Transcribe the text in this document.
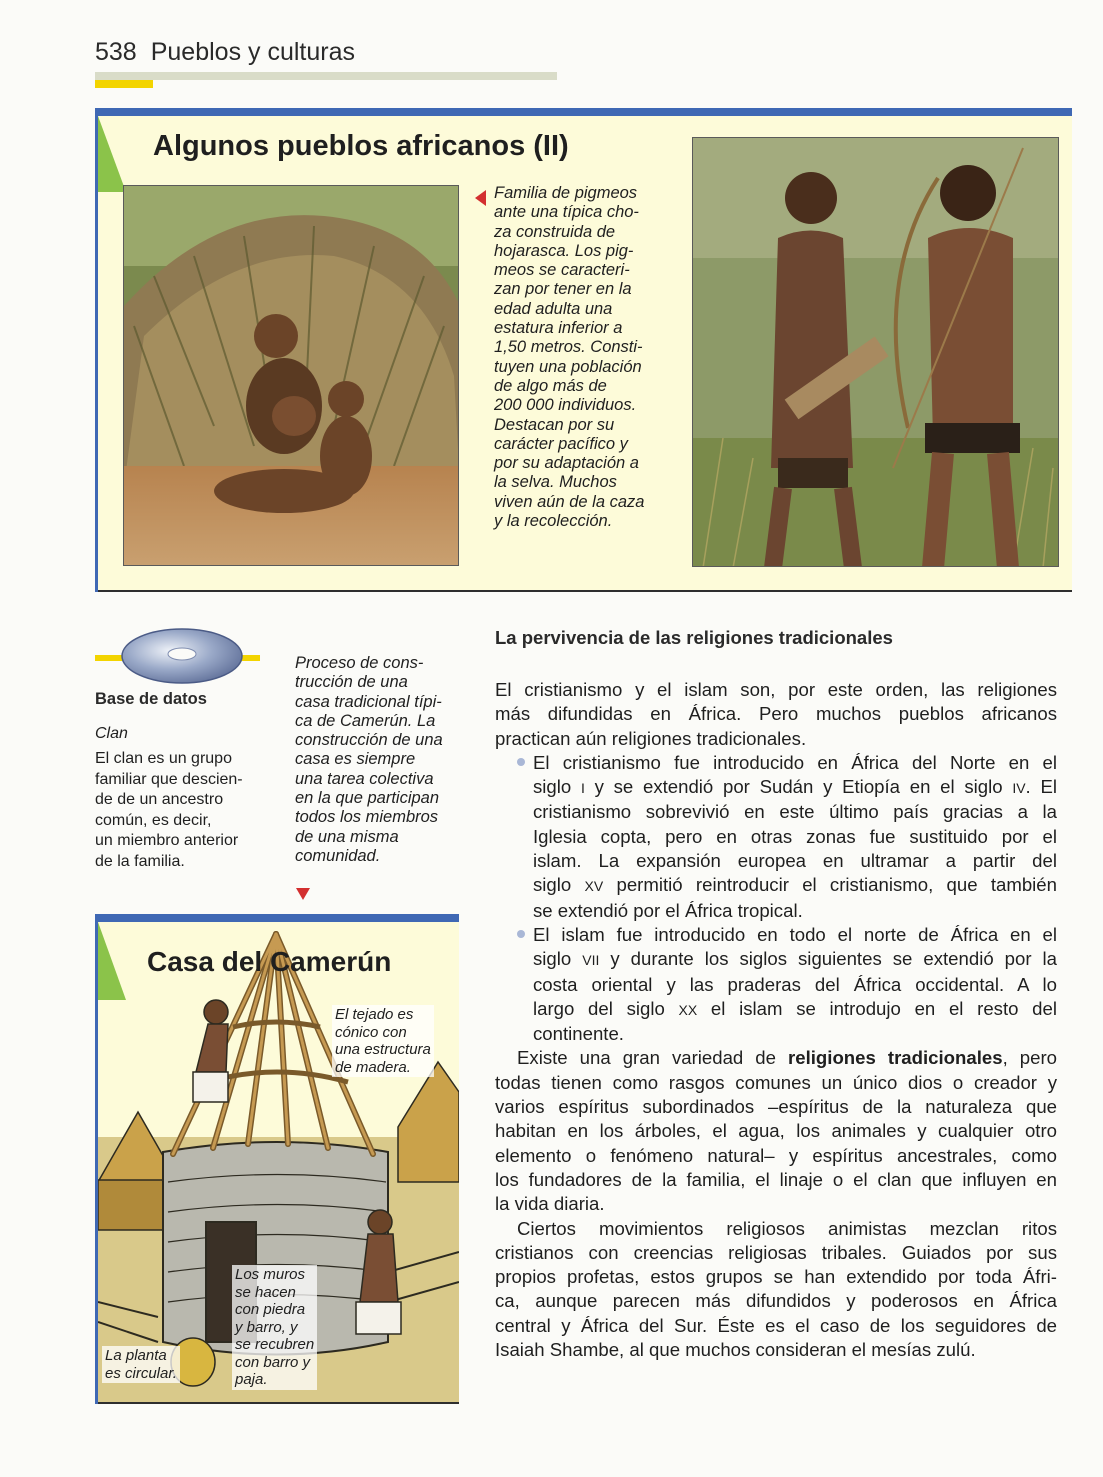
538 Pueblos y culturas
Algunos pueblos africanos (II)
Familia de pigmeos
ante una típica cho-
za construida de
hojarasca. Los pig-
meos se caracteri-
zan por tener en la
edad adulta una
estatura inferior a
1,50 metros. Consti-
tuyen una población
de algo más de
200 000 individuos.
Destacan por su
carácter pacífico y
por su adaptación a
la selva. Muchos
viven aún de la caza
y la recolección.
Base de datos
Clan
El clan es un grupo
familiar que descien-
de de un ancestro
común, es decir,
un miembro anterior
de la familia.
Proceso de cons-
trucción de una
casa tradicional típi-
ca de Camerún. La
construcción de una
casa es siempre
una tarea colectiva
en la que participan
todos los miembros
de una misma
comunidad.
Casa del Camerún
El tejado es
cónico con
una estructura
de madera.
Los muros
se hacen
con piedra
y barro, y
se recubren
con barro y
paja.
La planta
es circular.
La pervivencia de las religiones tradicionales
El cristianismo y el islam son, por este orden, las religiones
más difundidas en África. Pero muchos pueblos africanos
practican aún religiones tradicionales.
El cristianismo fue introducido en África del Norte en el
siglo I y se extendió por Sudán y Etiopía en el siglo IV. El
cristianismo sobrevivió en este último país gracias a la
Iglesia copta, pero en otras zonas fue sustituido por el
islam. La expansión europea en ultramar a partir del
siglo XV permitió reintroducir el cristianismo, que también
se extendió por el África tropical.
El islam fue introducido en todo el norte de África en el
siglo VII y durante los siglos siguientes se extendió por la
costa oriental y las praderas del África occidental. A lo
largo del siglo XX el islam se introdujo en el resto del
continente.
Existe una gran variedad de religiones tradicionales, pero
todas tienen como rasgos comunes un único dios o creador y
varios espíritus subordinados –espíritus de la naturaleza que
habitan en los árboles, el agua, los animales y cualquier otro
elemento o fenómeno natural– y espíritus ancestrales, como
los fundadores de la familia, el linaje o el clan que influyen en
la vida diaria.
Ciertos movimientos religiosos animistas mezclan ritos
cristianos con creencias religiosas tribales. Guiados por sus
propios profetas, estos grupos se han extendido por toda Áfri-
ca, aunque parecen más difundidos y poderosos en África
central y África del Sur. Éste es el caso de los seguidores de
Isaiah Shambe, al que muchos consideran el mesías zulú.
